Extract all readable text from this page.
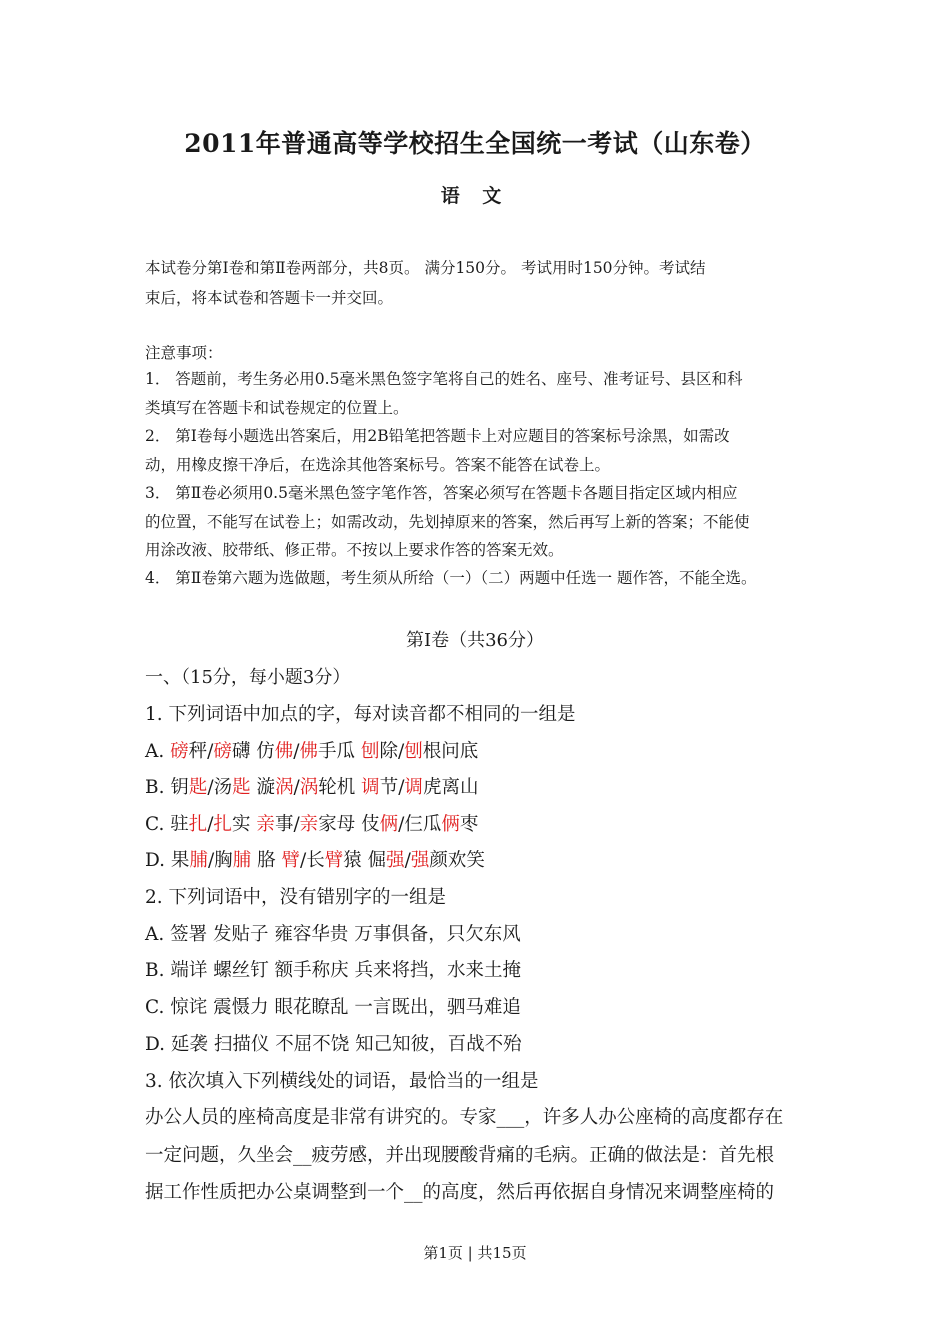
2011年普通高等学校招生全国统一考试（山东卷）
语 文
本试卷分第Ⅰ卷和第Ⅱ卷两部分，共8页。 满分150分。 考试用时150分钟。考试结
束后，将本试卷和答题卡一并交回。
注意事项：
1． 答题前，考生务必用0.5毫米黑色签字笔将自己的姓名、座号、准考证号、县区和科
类填写在答题卡和试卷规定的位置上。
2． 第Ⅰ卷每小题选出答案后，用2B铅笔把答题卡上对应题目的答案标号涂黑，如需改
动，用橡皮擦干净后，在选涂其他答案标号。答案不能答在试卷上。
3． 第Ⅱ卷必须用0.5毫米黑色签字笔作答，答案必须写在答题卡各题目指定区域内相应
的位置，不能写在试卷上；如需改动，先划掉原来的答案，然后再写上新的答案；不能使
用涂改液、胶带纸、修正带。不按以上要求作答的答案无效。
4． 第Ⅱ卷第六题为选做题，考生须从所给（一）（二）两题中任选一 题作答，不能全选。
第Ⅰ卷（共36分）
一、（15分，每小题3分）
1. 下列词语中加点的字，每对读音都不相同的一组是
A. 磅秤/磅礴 仿佛/佛手瓜 刨除/刨根问底
B. 钥匙/汤匙 漩涡/涡轮机 调节/调虎离山
C. 驻扎/扎实 亲事/亲家母 伎俩/仨瓜俩枣
D. 果脯/胸脯 胳 臂/长臂猿 倔强/强颜欢笑
2. 下列词语中，没有错别字的一组是
A. 签署 发贴子 雍容华贵 万事俱备，只欠东风
B. 端详 螺丝钉 额手称庆 兵来将挡，水来土掩
C. 惊诧 震慑力 眼花瞭乱 一言既出，驷马难追
D. 延袭 扫描仪 不屈不饶 知己知彼，百战不殆
3. 依次填入下列横线处的词语，最恰当的一组是
办公人员的座椅高度是非常有讲究的。专家___，许多人办公座椅的高度都存在
一定问题，久坐会__疲劳感，并出现腰酸背痛的毛病。正确的做法是：首先根
据工作性质把办公桌调整到一个__的高度，然后再依据自身情况来调整座椅的
第1页 | 共15页
